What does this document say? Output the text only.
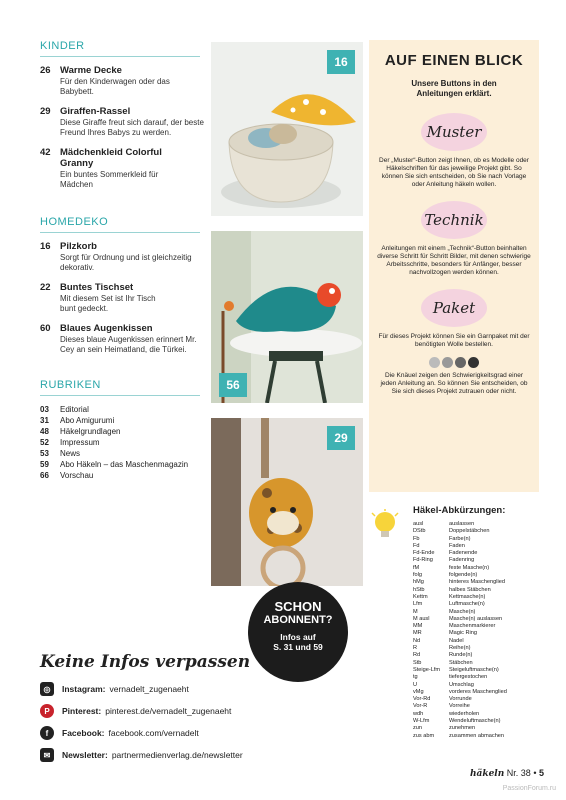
KINDER
26 Warme Decke
Für den Kinderwagen oder das Babybett.
29 Giraffen-Rassel
Diese Giraffe freut sich darauf, der beste Freund Ihres Babys zu werden.
42 Mädchenkleid Colorful Granny
Ein buntes Sommerkleid für Mädchen
HOMEDEKO
16 Pilzkorb
Sorgt für Ordnung und ist gleichzeitig dekorativ.
22 Buntes Tischset
Mit diesem Set ist Ihr Tisch bunt gedeckt.
60 Blaues Augenkissen
Dieses blaue Augenkissen erinnert Mr. Cey an sein Heimatland, die Türkei.
RUBRIKEN
03	Editorial
31	Abo Amigurumi
48	Häkelgrundlagen
52	Impressum
53	News
59	Abo Häkeln – das Maschenmagazin
66	Vorschau
16
56
29
SCHON
ABONNENT?
Infos auf
S. 31 und 59
Keine Infos verpassen
◎	Instagram: vernadelt_zugenaeht
P	Pinterest: pinterest.de/vernadelt_zugenaeht
f	Facebook: facebook.com/vernadelt
✉	Newsletter: partnermedienverlag.de/newsletter
AUF EINEN BLICK
Unsere Buttons in den Anleitungen erklärt.
Muster
Der „Muster“-Button zeigt Ihnen, ob es Modelle oder Häkelschriften für das jeweilige Projekt gibt. So können Sie sich entscheiden, ob Sie nach Vorlage oder Anleitung häkeln wollen.
Technik
Anleitungen mit einem „Technik“-Button beinhalten diverse Schritt für Schritt Bilder, mit denen schwierige Arbeitsschritte, besonders für Anfänger, besser nachvollzogen werden können.
Paket
Für dieses Projekt können Sie ein Garnpaket mit der benötigten Wolle bestellen.
Die Knäuel zeigen den Schwierigkeitsgrad einer jeden Anleitung an. So können Sie entscheiden, ob Sie sich dieses Projekt zutrauen oder nicht.
Häkel-Abkürzungen:
ausl	auslassen
DStb	Doppelstäbchen
Fb	Farbe(n)
Fd	Faden
Fd-Ende	Fadenende
Fd-Ring	Fadenring
fM	feste Masche(n)
folg	folgende(n)
hMg	hinteres Maschenglied
hStb	halbes Stäbchen
Kettm	Kettmasche(n)
Lfm	Luftmasche(n)
M	Masche(n)
M ausl	Masche(n) auslassen
MM	Maschenmarkierer
MR	Magic Ring
Nd	Nadel
R	Reihe(n)
Rd	Runde(n)
Stb	Stäbchen
Steige-Lfm	Steigeluftmasche(n)
tg	tiefergestochen
U	Umschlag
vMg	vorderes Maschenglied
Vor-Rd	Vorrunde
Vor-R	Vorreihe
wdh	wiederholen
W-Lfm	Wendeluftmasche(n)
zun	zunehmen
zus abm	zusammen abmachen
häkeln Nr. 38 • 5
PassionForum.ru
